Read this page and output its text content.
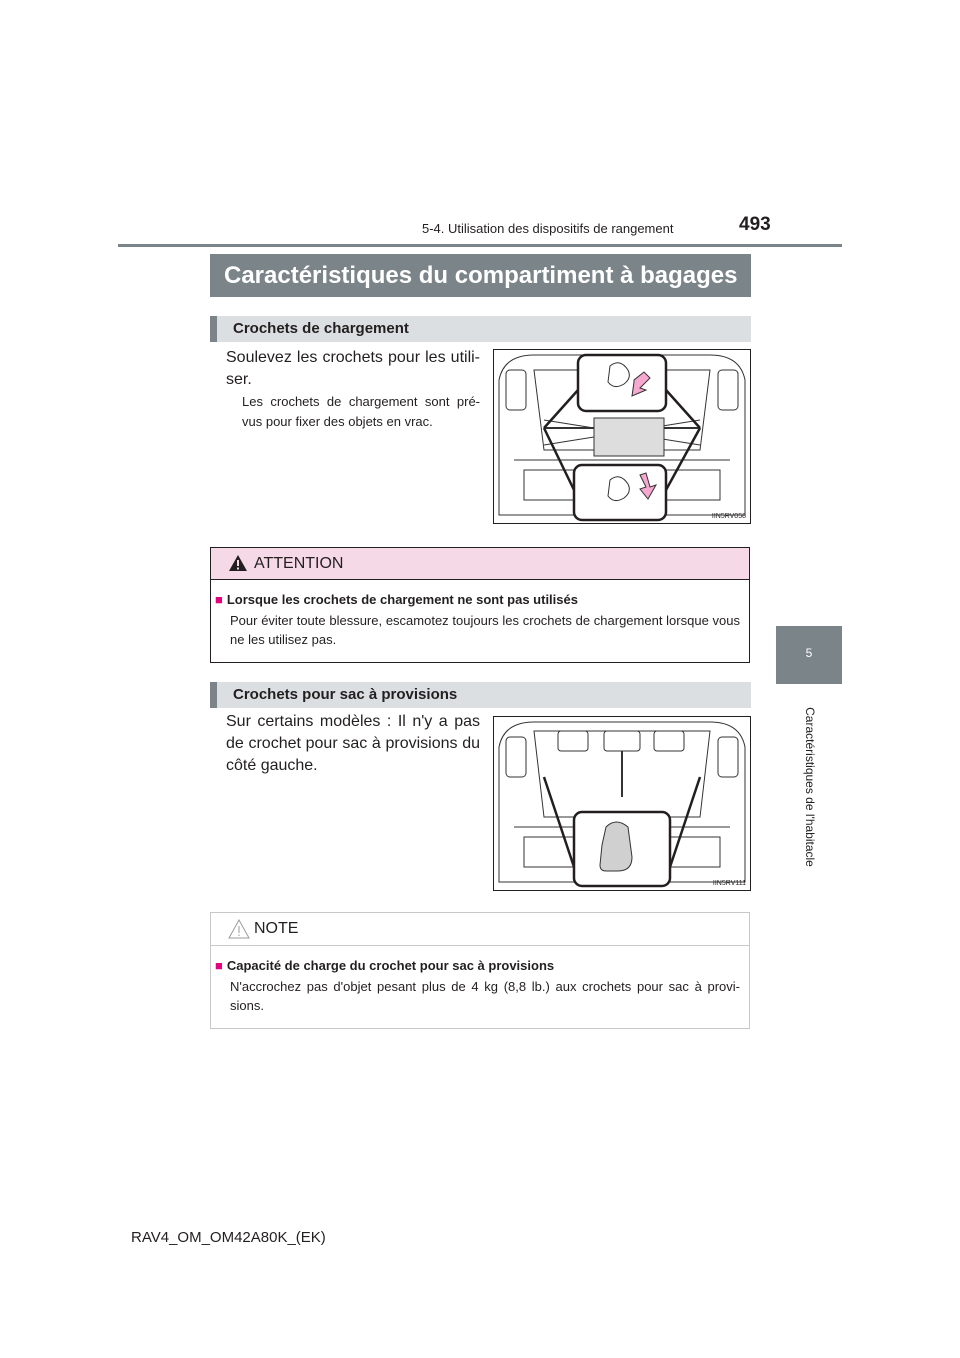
493
5-4. Utilisation des dispositifs de rangement
5
Caractéristiques de l'habitacle
Caractéristiques du compartiment à bagages
Crochets de chargement
Soulevez les crochets pour les utili-ser.
Les crochets de chargement sont pré-vus pour fixer des objets en vrac.
IIN5RV058
ATTENTION
■ Lorsque les crochets de chargement ne sont pas utilisés
Pour éviter toute blessure, escamotez toujours les crochets de chargement lorsque vous ne les utilisez pas.
Crochets pour sac à provisions
Sur certains modèles : Il n'y a pas de crochet pour sac à provisions du côté gauche.
IIN5RV111
NOTE
■ Capacité de charge du crochet pour sac à provisions
N'accrochez pas d'objet pesant plus de 4 kg (8,8 lb.) aux crochets pour sac à provi-sions.
RAV4_OM_OM42A80K_(EK)
